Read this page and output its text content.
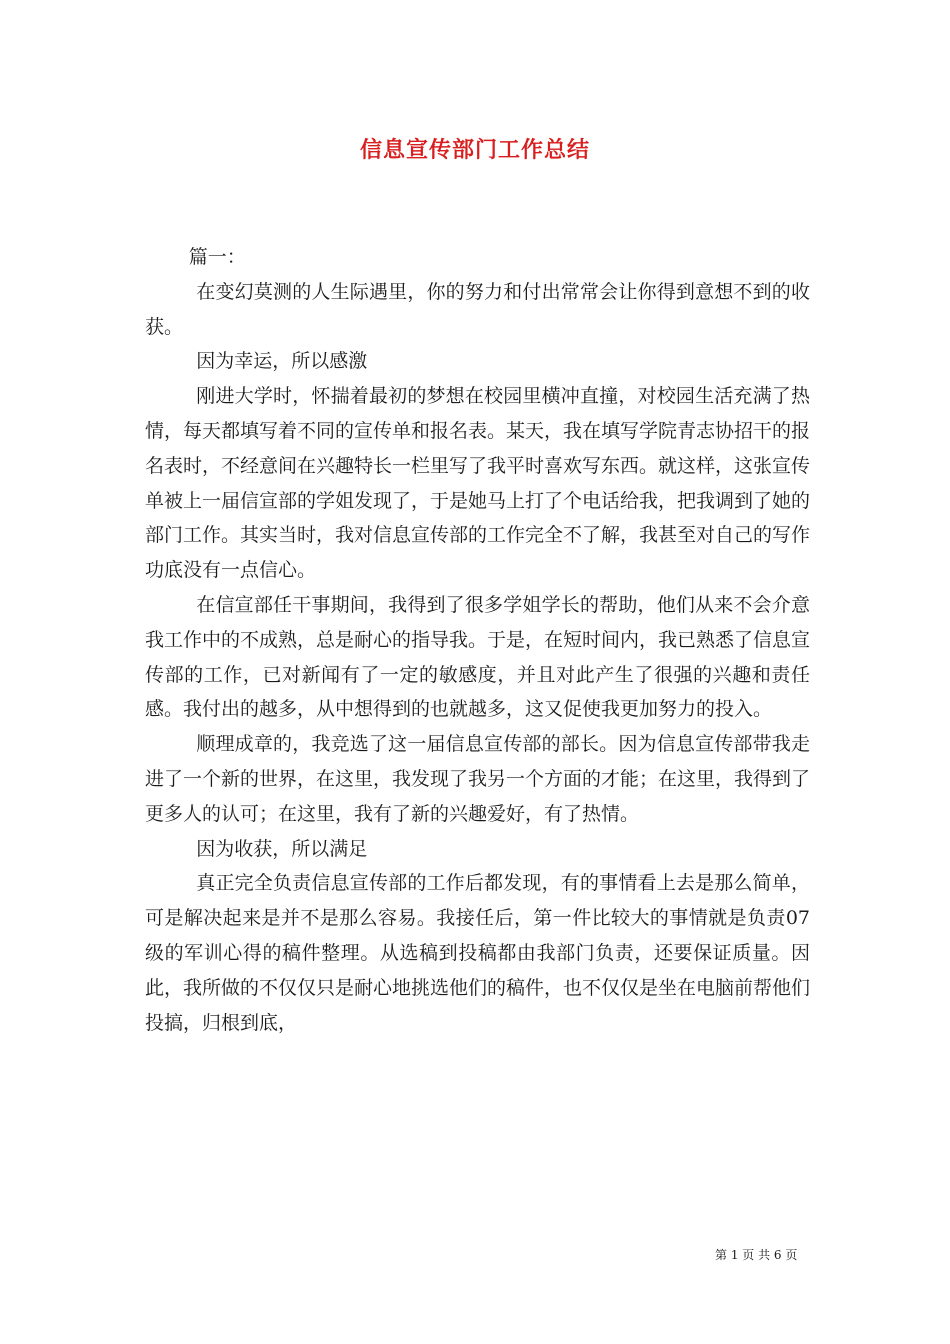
信息宣传部门工作总结

篇一：

在变幻莫测的人生际遇里，你的努力和付出常常会让你得到意想不到的收获。

因为幸运，所以感激

刚进大学时，怀揣着最初的梦想在校园里横冲直撞，对校园生活充满了热情，每天都填写着不同的宣传单和报名表。某天，我在填写学院青志协招干的报名表时，不经意间在兴趣特长一栏里写了我平时喜欢写东西。就这样，这张宣传单被上一届信宣部的学姐发现了，于是她马上打了个电话给我，把我调到了她的部门工作。其实当时，我对信息宣传部的工作完全不了解，我甚至对自己的写作功底没有一点信心。

在信宣部任干事期间，我得到了很多学姐学长的帮助，他们从来不会介意我工作中的不成熟，总是耐心的指导我。于是，在短时间内，我已熟悉了信息宣传部的工作，已对新闻有了一定的敏感度，并且对此产生了很强的兴趣和责任感。我付出的越多，从中想得到的也就越多，这又促使我更加努力的投入。

顺理成章的，我竞选了这一届信息宣传部的部长。因为信息宣传部带我走进了一个新的世界，在这里，我发现了我另一个方面的才能；在这里，我得到了更多人的认可；在这里，我有了新的兴趣爱好，有了热情。

因为收获，所以满足

真正完全负责信息宣传部的工作后都发现，有的事情看上去是那么简单，可是解决起来是并不是那么容易。我接任后，第一件比较大的事情就是负责07级的军训心得的稿件整理。从选稿到投稿都由我部门负责，还要保证质量。因此，我所做的不仅仅只是耐心地挑选他们的稿件，也不仅仅是坐在电脑前帮他们投搞，归根到底，

第 1 页 共 6 页
